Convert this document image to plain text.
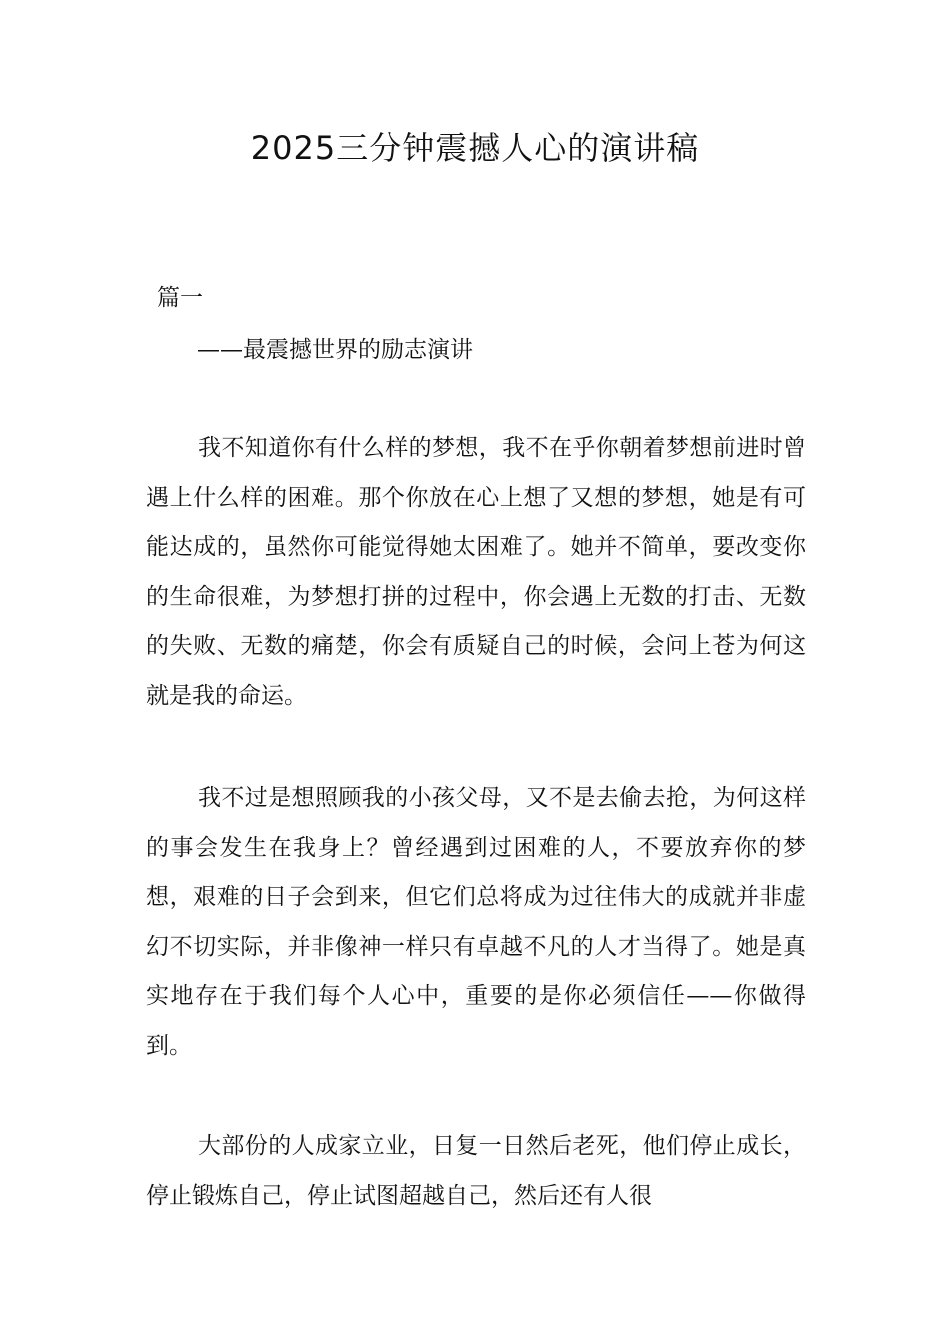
2025三分钟震撼人心的演讲稿

篇一

——最震撼世界的励志演讲

我不知道你有什么样的梦想，我不在乎你朝着梦想前进时曾遇上什么样的困难。那个你放在心上想了又想的梦想，她是有可能达成的，虽然你可能觉得她太困难了。她并不简单，要改变你的生命很难，为梦想打拼的过程中，你会遇上无数的打击、无数的失败、无数的痛楚，你会有质疑自己的时候，会问上苍为何这就是我的命运。

我不过是想照顾我的小孩父母，又不是去偷去抢，为何这样的事会发生在我身上？曾经遇到过困难的人，不要放弃你的梦想，艰难的日子会到来，但它们总将成为过往伟大的成就并非虚幻不切实际，并非像神一样只有卓越不凡的人才当得了。她是真实地存在于我们每个人心中，重要的是你必须信任——你做得到。

大部份的人成家立业，日复一日然后老死，他们停止成长，停止锻炼自己，停止试图超越自己，然后还有人很
